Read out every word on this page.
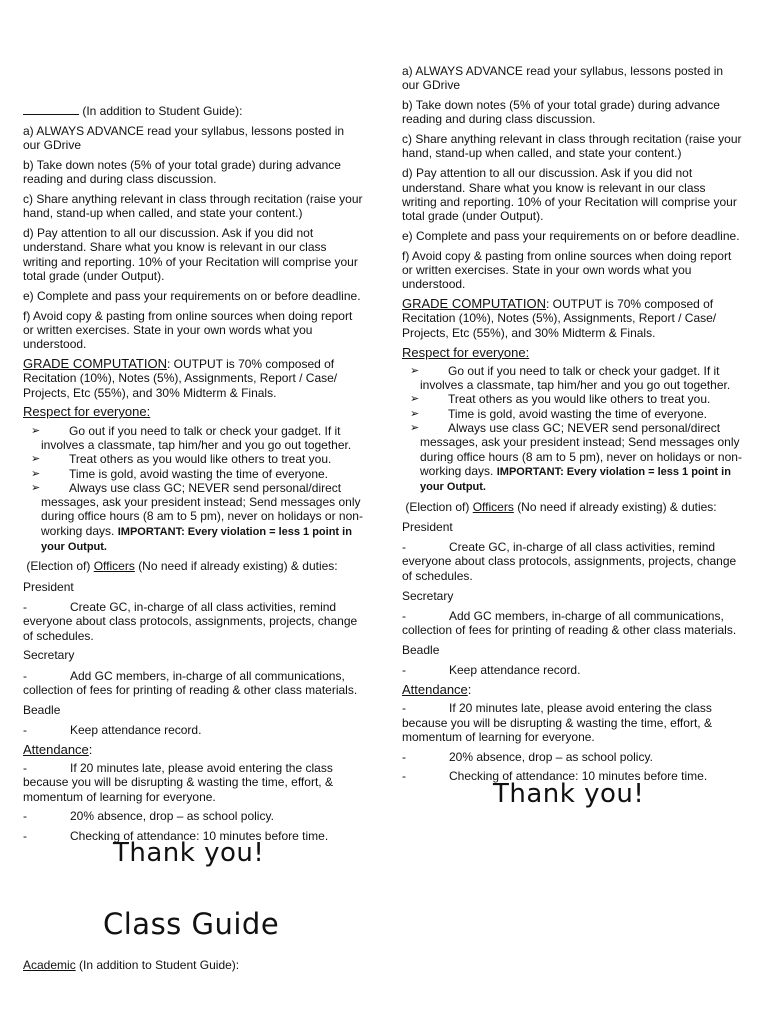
(In addition to Student Guide):

a) ALWAYS ADVANCE read your syllabus, lessons posted in our GDrive

b) Take down notes (5% of your total grade) during advance reading and during class discussion.

c) Share anything relevant in class through recitation (raise your hand, stand-up when called, and state your content.)

d) Pay attention to all our discussion. Ask if you did not understand. Share what you know is relevant in our class writing and reporting. 10% of your Recitation will comprise your total grade (under Output).

e) Complete and pass your requirements on or before deadline.

f) Avoid copy & pasting from online sources when doing report or written exercises. State in your own words what you understood.

GRADE COMPUTATION: OUTPUT is 70% composed of Recitation (10%), Notes (5%), Assignments, Report / Case/ Projects, Etc (55%), and 30% Midterm & Finals.

Respect for everyone:

➢ Go out if you need to talk or check your gadget. If it involves a classmate, tap him/her and you go out together.
➢ Treat others as you would like others to treat you.
➢ Time is gold, avoid wasting the time of everyone.
➢ Always use class GC; NEVER send personal/direct messages, ask your president instead; Send messages only during office hours (8 am to 5 pm), never on holidays or non-working days. IMPORTANT: Every violation = less 1 point in your Output.

(Election of) Officers (No need if already existing) & duties:

President

-	Create GC, in-charge of all class activities, remind everyone about class protocols, assignments, projects, change of schedules.

Secretary

-	Add GC members, in-charge of all communications, collection of fees for printing of reading & other class materials.

Beadle

-	Keep attendance record.

Attendance:

-	If 20 minutes late, please avoid entering the class because you will be disrupting & wasting the time, effort, & momentum of learning for everyone.

-	20% absence, drop – as school policy.

-	Checking of attendance: 10 minutes before time.

Thank you!
Class Guide
Academic (In addition to Student Guide):

a) ALWAYS ADVANCE read your syllabus, lessons posted in our GDrive

b) Take down notes (5% of your total grade) during advance reading and during class discussion.

c) Share anything relevant in class through recitation (raise your hand, stand-up when called, and state your content.)

d) Pay attention to all our discussion. Ask if you did not understand. Share what you know is relevant in our class writing and reporting. 10% of your Recitation will comprise your total grade (under Output).

e) Complete and pass your requirements on or before deadline.

f) Avoid copy & pasting from online sources when doing report or written exercises. State in your own words what you understood.

GRADE COMPUTATION: OUTPUT is 70% composed of Recitation (10%), Notes (5%), Assignments, Report / Case/ Projects, Etc (55%), and 30% Midterm & Finals.

Respect for everyone:

➢ Go out if you need to talk or check your gadget. If it involves a classmate, tap him/her and you go out together.
➢ Treat others as you would like others to treat you.
➢ Time is gold, avoid wasting the time of everyone.
➢ Always use class GC; NEVER send personal/direct messages, ask your president instead; Send messages only during office hours (8 am to 5 pm), never on holidays or non-working days. IMPORTANT: Every violation = less 1 point in your Output.

(Election of) Officers (No need if already existing) & duties:

President

-	Create GC, in-charge of all class activities, remind everyone about class protocols, assignments, projects, change of schedules.

Secretary

-	Add GC members, in-charge of all communications, collection of fees for printing of reading & other class materials.

Beadle

-	Keep attendance record.

Attendance:

-	If 20 minutes late, please avoid entering the class because you will be disrupting & wasting the time, effort, & momentum of learning for everyone.

-	20% absence, drop – as school policy.

-	Checking of attendance: 10 minutes before time.

Thank you!
